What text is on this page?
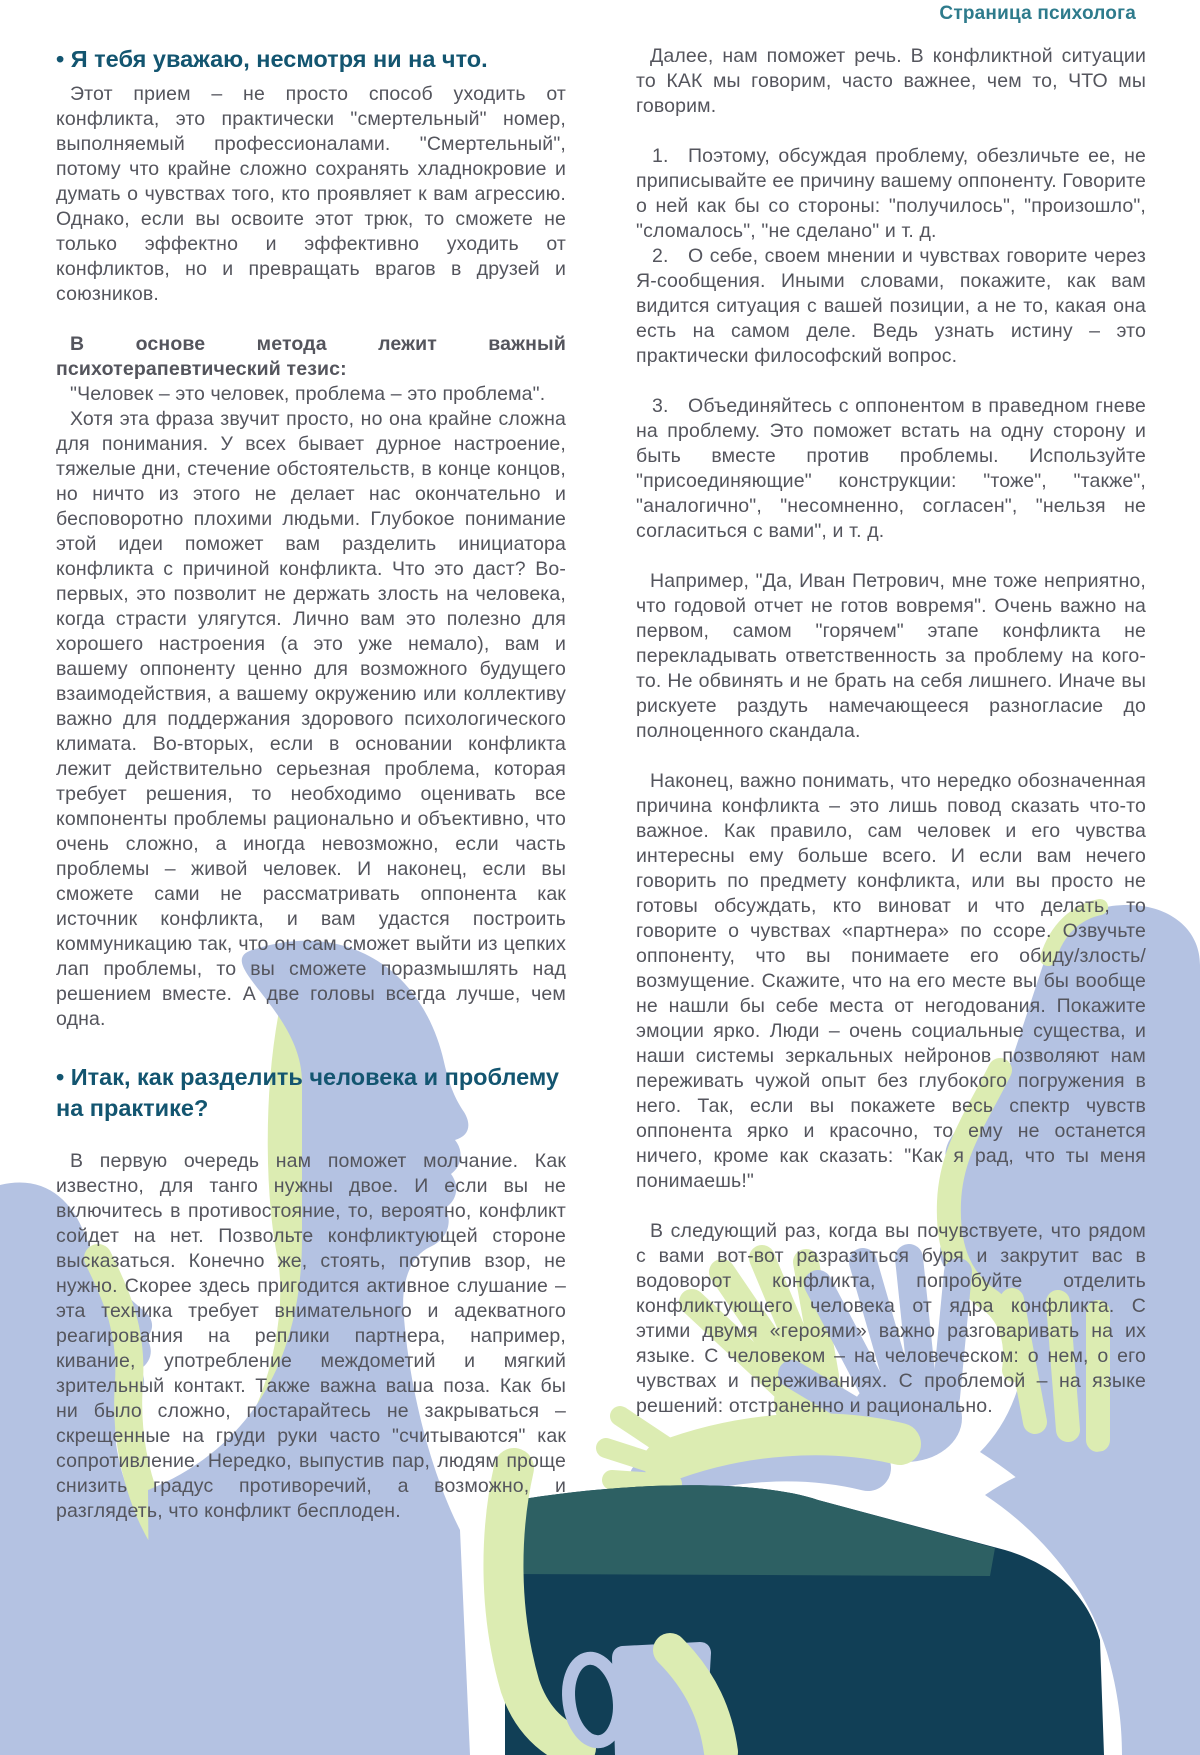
Страница психолога
• Я тебя уважаю, несмотря ни на что.

Этот прием – не просто способ уходить от конфликта, это практически "смертельный" номер, выполняемый профессионалами. "Смертельный", потому что крайне сложно сохранять хладнокровие и думать о чувствах того, кто проявляет к вам агрессию. Однако, если вы освоите этот трюк, то сможете не только эффектно и эффективно уходить от конфликтов, но и превращать врагов в друзей и союзников.

В основе метода лежит важный психотерапевтический тезис:

"Человек – это человек, проблема – это проблема".

Хотя эта фраза звучит просто, но она крайне сложна для понимания. У всех бывает дурное настроение, тяжелые дни, стечение обстоятельств, в конце концов, но ничто из этого не делает нас окончательно и бесповоротно плохими людьми. Глубокое понимание этой идеи поможет вам разделить инициатора конфликта с причиной конфликта. Что это даст? Во-первых, это позволит не держать злость на человека, когда страсти улягутся. Лично вам это полезно для хорошего настроения (а это уже немало), вам и вашему оппоненту ценно для возможного будущего взаимодействия, а вашему окружению или коллективу важно для поддержания здорового психологического климата. Во-вторых, если в основании конфликта лежит действительно серьезная проблема, которая требует решения, то необходимо оценивать все компоненты проблемы рационально и объективно, что очень сложно, а иногда невозможно, если часть проблемы – живой человек. И наконец, если вы сможете сами не рассматривать оппонента как источник конфликта, и вам удастся построить коммуникацию так, что он сам сможет выйти из цепких лап проблемы, то вы сможете поразмышлять над решением вместе. А две головы всегда лучше, чем одна.

• Итак, как разделить человека и проблему на практике?

В первую очередь нам поможет молчание. Как известно, для танго нужны двое. И если вы не включитесь в противостояние, то, вероятно, конфликт сойдет на нет. Позвольте конфликтующей стороне высказаться. Конечно же, стоять, потупив взор, не нужно. Скорее здесь пригодится активное слушание – эта техника требует внимательного и адекватного реагирования на реплики партнера, например, кивание, употребление междометий и мягкий зрительный контакт. Также важна ваша поза. Как бы ни было сложно, постарайтесь не закрываться – скрещенные на груди руки часто "считываются" как сопротивление. Нередко, выпустив пар, людям проще снизить градус противоречий, а возможно, и разглядеть, что конфликт бесплоден.

Далее, нам поможет речь. В конфликтной ситуации то КАК мы говорим, часто важнее, чем то, ЧТО мы говорим.

1. Поэтому, обсуждая проблему, обезличьте ее, не приписывайте ее причину вашему оппоненту. Говорите о ней как бы со стороны: "получилось", "произошло", "сломалось", "не сделано" и т. д.

2. О себе, своем мнении и чувствах говорите через Я-сообщения. Иными словами, покажите, как вам видится ситуация с вашей позиции, а не то, какая она есть на самом деле. Ведь узнать истину – это практически философский вопрос.

3. Объединяйтесь с оппонентом в праведном гневе на проблему. Это поможет встать на одну сторону и быть вместе против проблемы. Используйте "присоединяющие" конструкции: "тоже", "также", "аналогично", "несомненно, согласен", "нельзя не согласиться с вами", и т. д.

Например, "Да, Иван Петрович, мне тоже неприятно, что годовой отчет не готов вовремя". Очень важно на первом, самом "горячем" этапе конфликта не перекладывать ответственность за проблему на кого-то. Не обвинять и не брать на себя лишнего. Иначе вы рискуете раздуть намечающееся разногласие до полноценного скандала.

Наконец, важно понимать, что нередко обозначенная причина конфликта – это лишь повод сказать что-то важное. Как правило, сам человек и его чувства интересны ему больше всего. И если вам нечего говорить по предмету конфликта, или вы просто не готовы обсуждать, кто виноват и что делать, то говорите о чувствах «партнера» по ссоре. Озвучьте оппоненту, что вы понимаете его обиду/злость/возмущение. Скажите, что на его месте вы бы вообще не нашли бы себе места от негодования. Покажите эмоции ярко. Люди – очень социальные существа, и наши системы зеркальных нейронов позволяют нам переживать чужой опыт без глубокого погружения в него. Так, если вы покажете весь спектр чувств оппонента ярко и красочно, то ему не останется ничего, кроме как сказать: "Как я рад, что ты меня понимаешь!"

В следующий раз, когда вы почувствуете, что рядом с вами вот-вот разразиться буря и закрутит вас в водоворот конфликта, попробуйте отделить конфликтующего человека от ядра конфликта. С этими двумя «героями» важно разговаривать на их языке. С человеком – на человеческом: о нем, о его чувствах и переживаниях. С проблемой – на языке решений: отстраненно и рационально.
